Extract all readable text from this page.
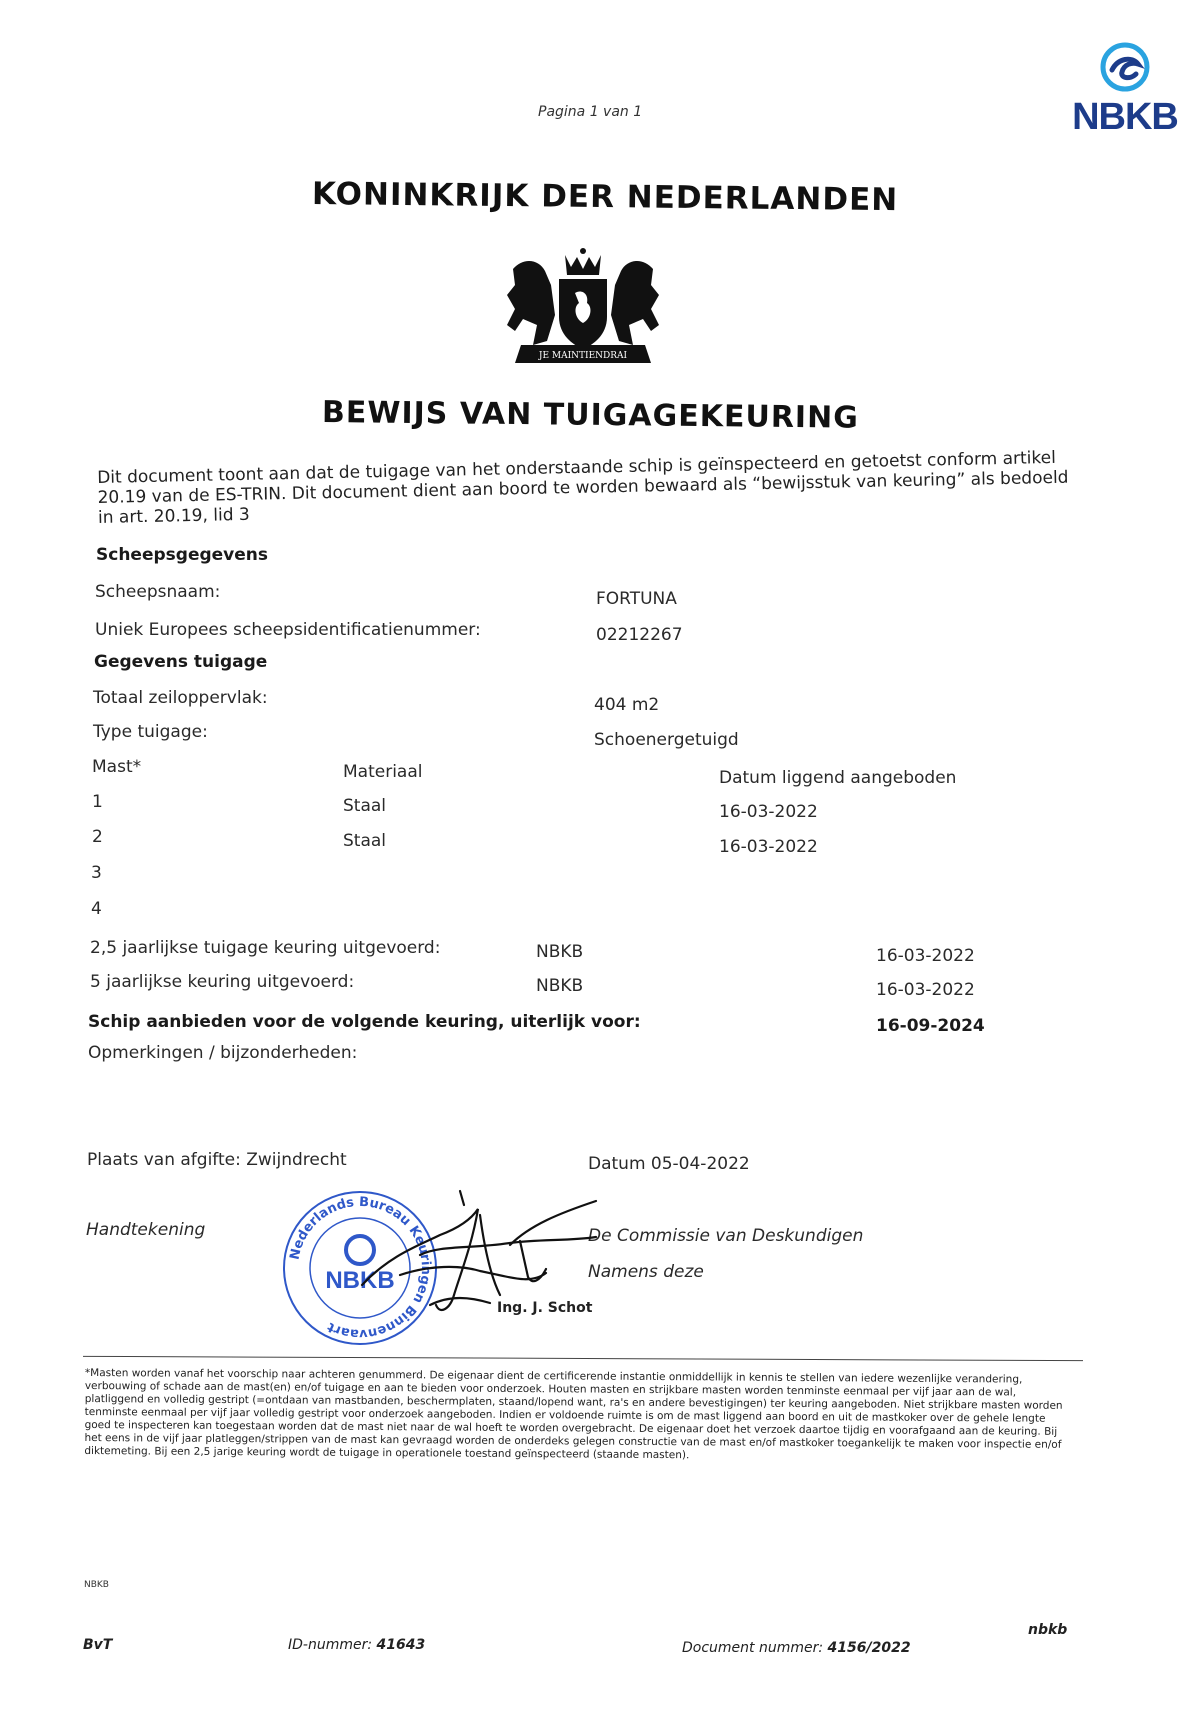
NBKB
Pagina 1 van 1
KONINKRIJK DER NEDERLANDEN
JE MAINTIENDRAI
BEWIJS VAN TUIGAGEKEURING
Dit document toont aan dat de tuigage van het onderstaande schip is geïnspecteerd en getoetst conform artikel 20.19 van de ES-TRIN. Dit document dient aan boord te worden bewaard als “bewijsstuk van keuring” als bedoeld in art. 20.19, lid 3
Scheepsgegevens
Scheepsnaam:	FORTUNA
Uniek Europees scheepsidentificatienummer:	02212267
Gegevens tuigage
Totaal zeiloppervlak:	404 m2
Type tuigage:	Schoenergetuigd
Mast*	Materiaal	Datum liggend aangeboden
1	Staal	16-03-2022
2	Staal	16-03-2022
3
4
2,5 jaarlijkse tuigage keuring uitgevoerd:	NBKB	16-03-2022
5 jaarlijkse keuring uitgevoerd:	NBKB	16-03-2022
Schip aanbieden voor de volgende keuring, uiterlijk voor:	16-09-2024
Opmerkingen / bijzonderheden:
Plaats van afgifte: Zwijndrecht	Datum 05-04-2022
Handtekening	De Commissie van Deskundigen
Namens deze
Nederlands Bureau Keuringen Binnenvaart
NBKB
Ing. J. Schot
*Masten worden vanaf het voorschip naar achteren genummerd. De eigenaar dient de certificerende instantie onmiddellijk in kennis te stellen van iedere wezenlijke verandering, verbouwing of schade aan de mast(en) en/of tuigage en aan te bieden voor onderzoek. Houten masten en strijkbare masten worden tenminste eenmaal per vijf jaar aan de wal, platliggend en volledig gestript (=ontdaan van mastbanden, beschermplaten, staand/lopend want, ra's en andere bevestigingen) ter keuring aangeboden. Niet strijkbare masten worden tenminste eenmaal per vijf jaar volledig gestript voor onderzoek aangeboden. Indien er voldoende ruimte is om de mast liggend aan boord en uit de mastkoker over de gehele lengte goed te inspecteren kan toegestaan worden dat de mast niet naar de wal hoeft te worden overgebracht. De eigenaar doet het verzoek daartoe tijdig en voorafgaand aan de keuring. Bij het eens in de vijf jaar platleggen/strippen van de mast kan gevraagd worden de onderdeks gelegen constructie van de mast en/of mastkoker toegankelijk te maken voor inspectie en/of diktemeting. Bij een 2,5 jarige keuring wordt de tuigage in operationele toestand geïnspecteerd (staande masten).
NBKB
BvT	ID-nummer: 41643	Document nummer: 4156/2022
nbkb
